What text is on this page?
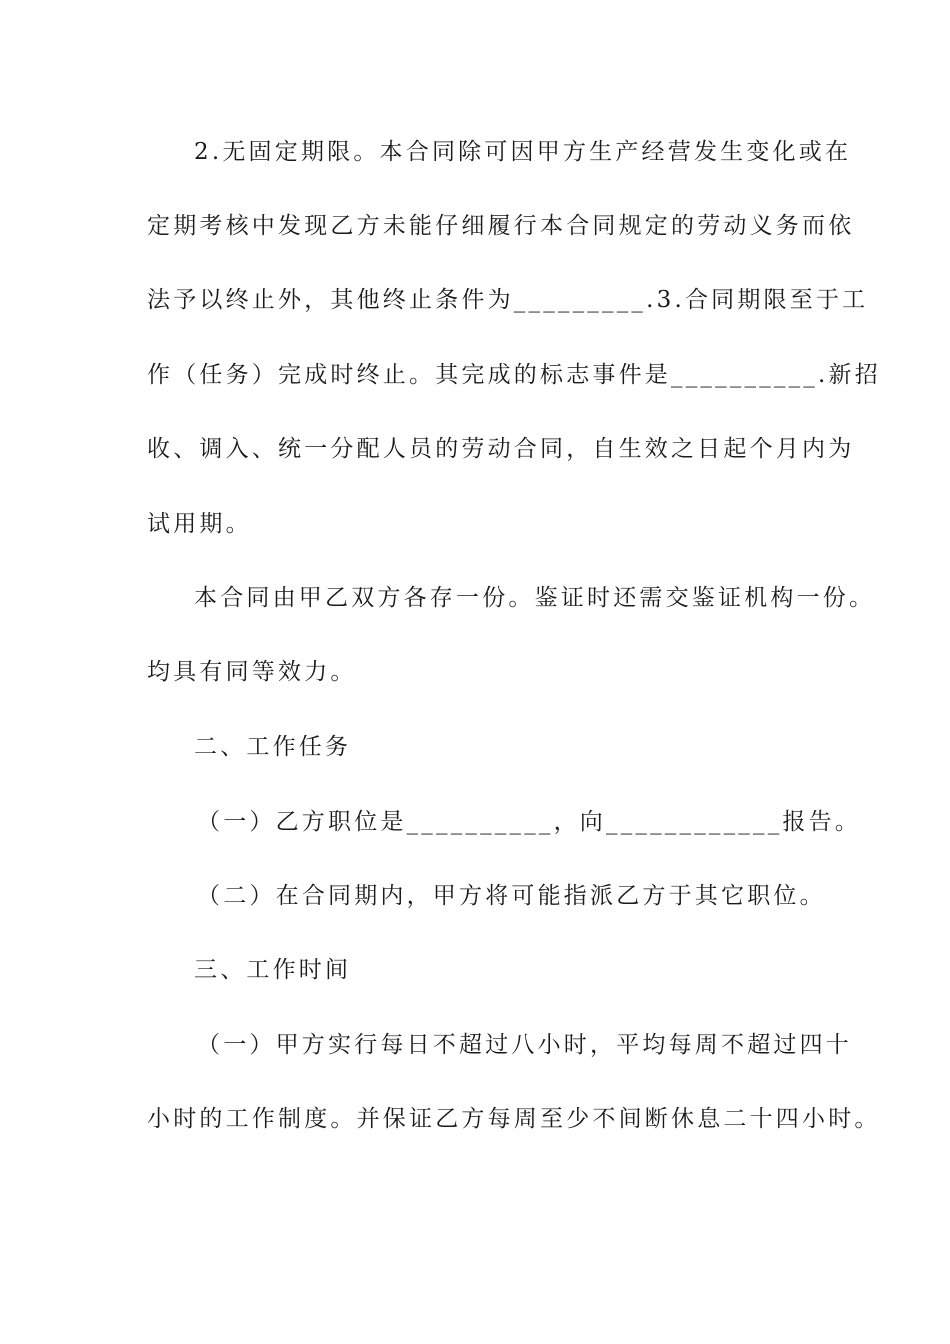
2.无固定期限。本合同除可因甲方生产经营发生变化或在
定期考核中发现乙方未能仔细履行本合同规定的劳动义务而依
法予以终止外，其他终止条件为_________.3.合同期限至于工
作（任务）完成时终止。其完成的标志事件是__________.新招
收、调入、统一分配人员的劳动合同，自生效之日起个月内为
试用期。
本合同由甲乙双方各存一份。鉴证时还需交鉴证机构一份。
均具有同等效力。
二、工作任务
（一）乙方职位是__________，向____________报告。
（二）在合同期内，甲方将可能指派乙方于其它职位。
三、工作时间
（一）甲方实行每日不超过八小时，平均每周不超过四十
小时的工作制度。并保证乙方每周至少不间断休息二十四小时。
